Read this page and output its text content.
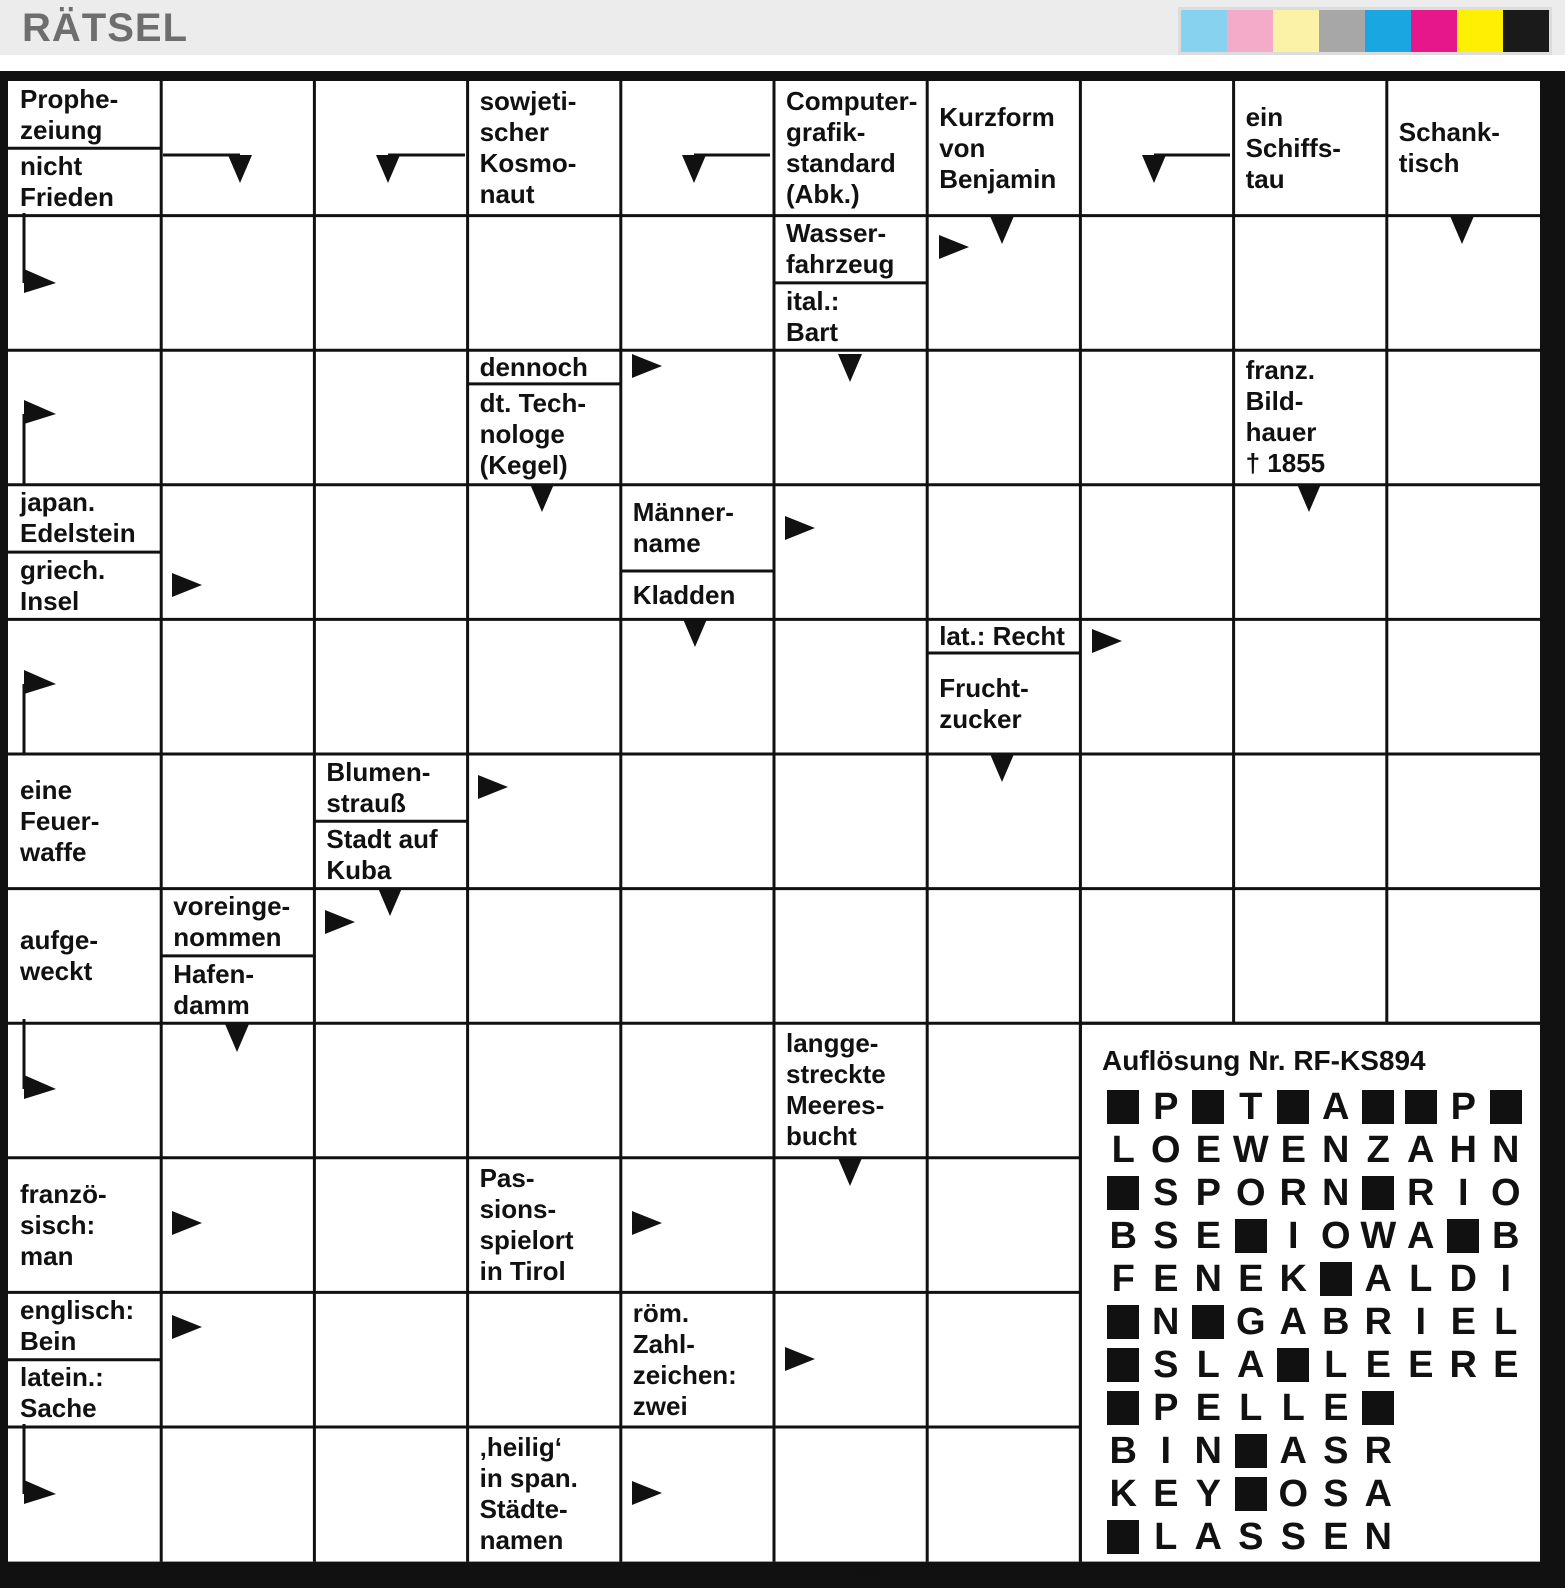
RÄTSEL
Prophe-
zeiung
nicht
Frieden
sowjeti-
scher
Kosmo-
naut
Computer-
grafik-
standard
(Abk.)
Kurzform
von
Benjamin
ein
Schiffs-
tau
Schank-
tisch
Wasser-
fahrzeug
ital.:
Bart
dennoch
dt. Tech-
nologe
(Kegel)
franz.
Bild-
hauer
† 1855
japan.
Edelstein
griech.
Insel
Männer-
name
Kladden
lat.: Recht
Frucht-
zucker
eine
Feuer-
waffe
Blumen-
strauß
Stadt auf
Kuba
aufge-
weckt
voreinge-
nommen
Hafen-
damm
langge-
streckte
Meeres-
bucht
franzö-
sisch:
man
Pas-
sions-
spielort
in Tirol
englisch:
Bein
latein.:
Sache
röm.
Zahl-
zeichen:
zwei
‚heilig‘
in span.
Städte-
namen
Auflösung Nr. RF-KS894
P T A	P
L O E W E N Z A H N
S P O R N R I O
B S E	I O W A B
F E N E K A L D I
N G A B R I E L
S L A L E E R E
P E L L E
B I N A S R
K E Y O S A
L A S S E N
RF-KS895
